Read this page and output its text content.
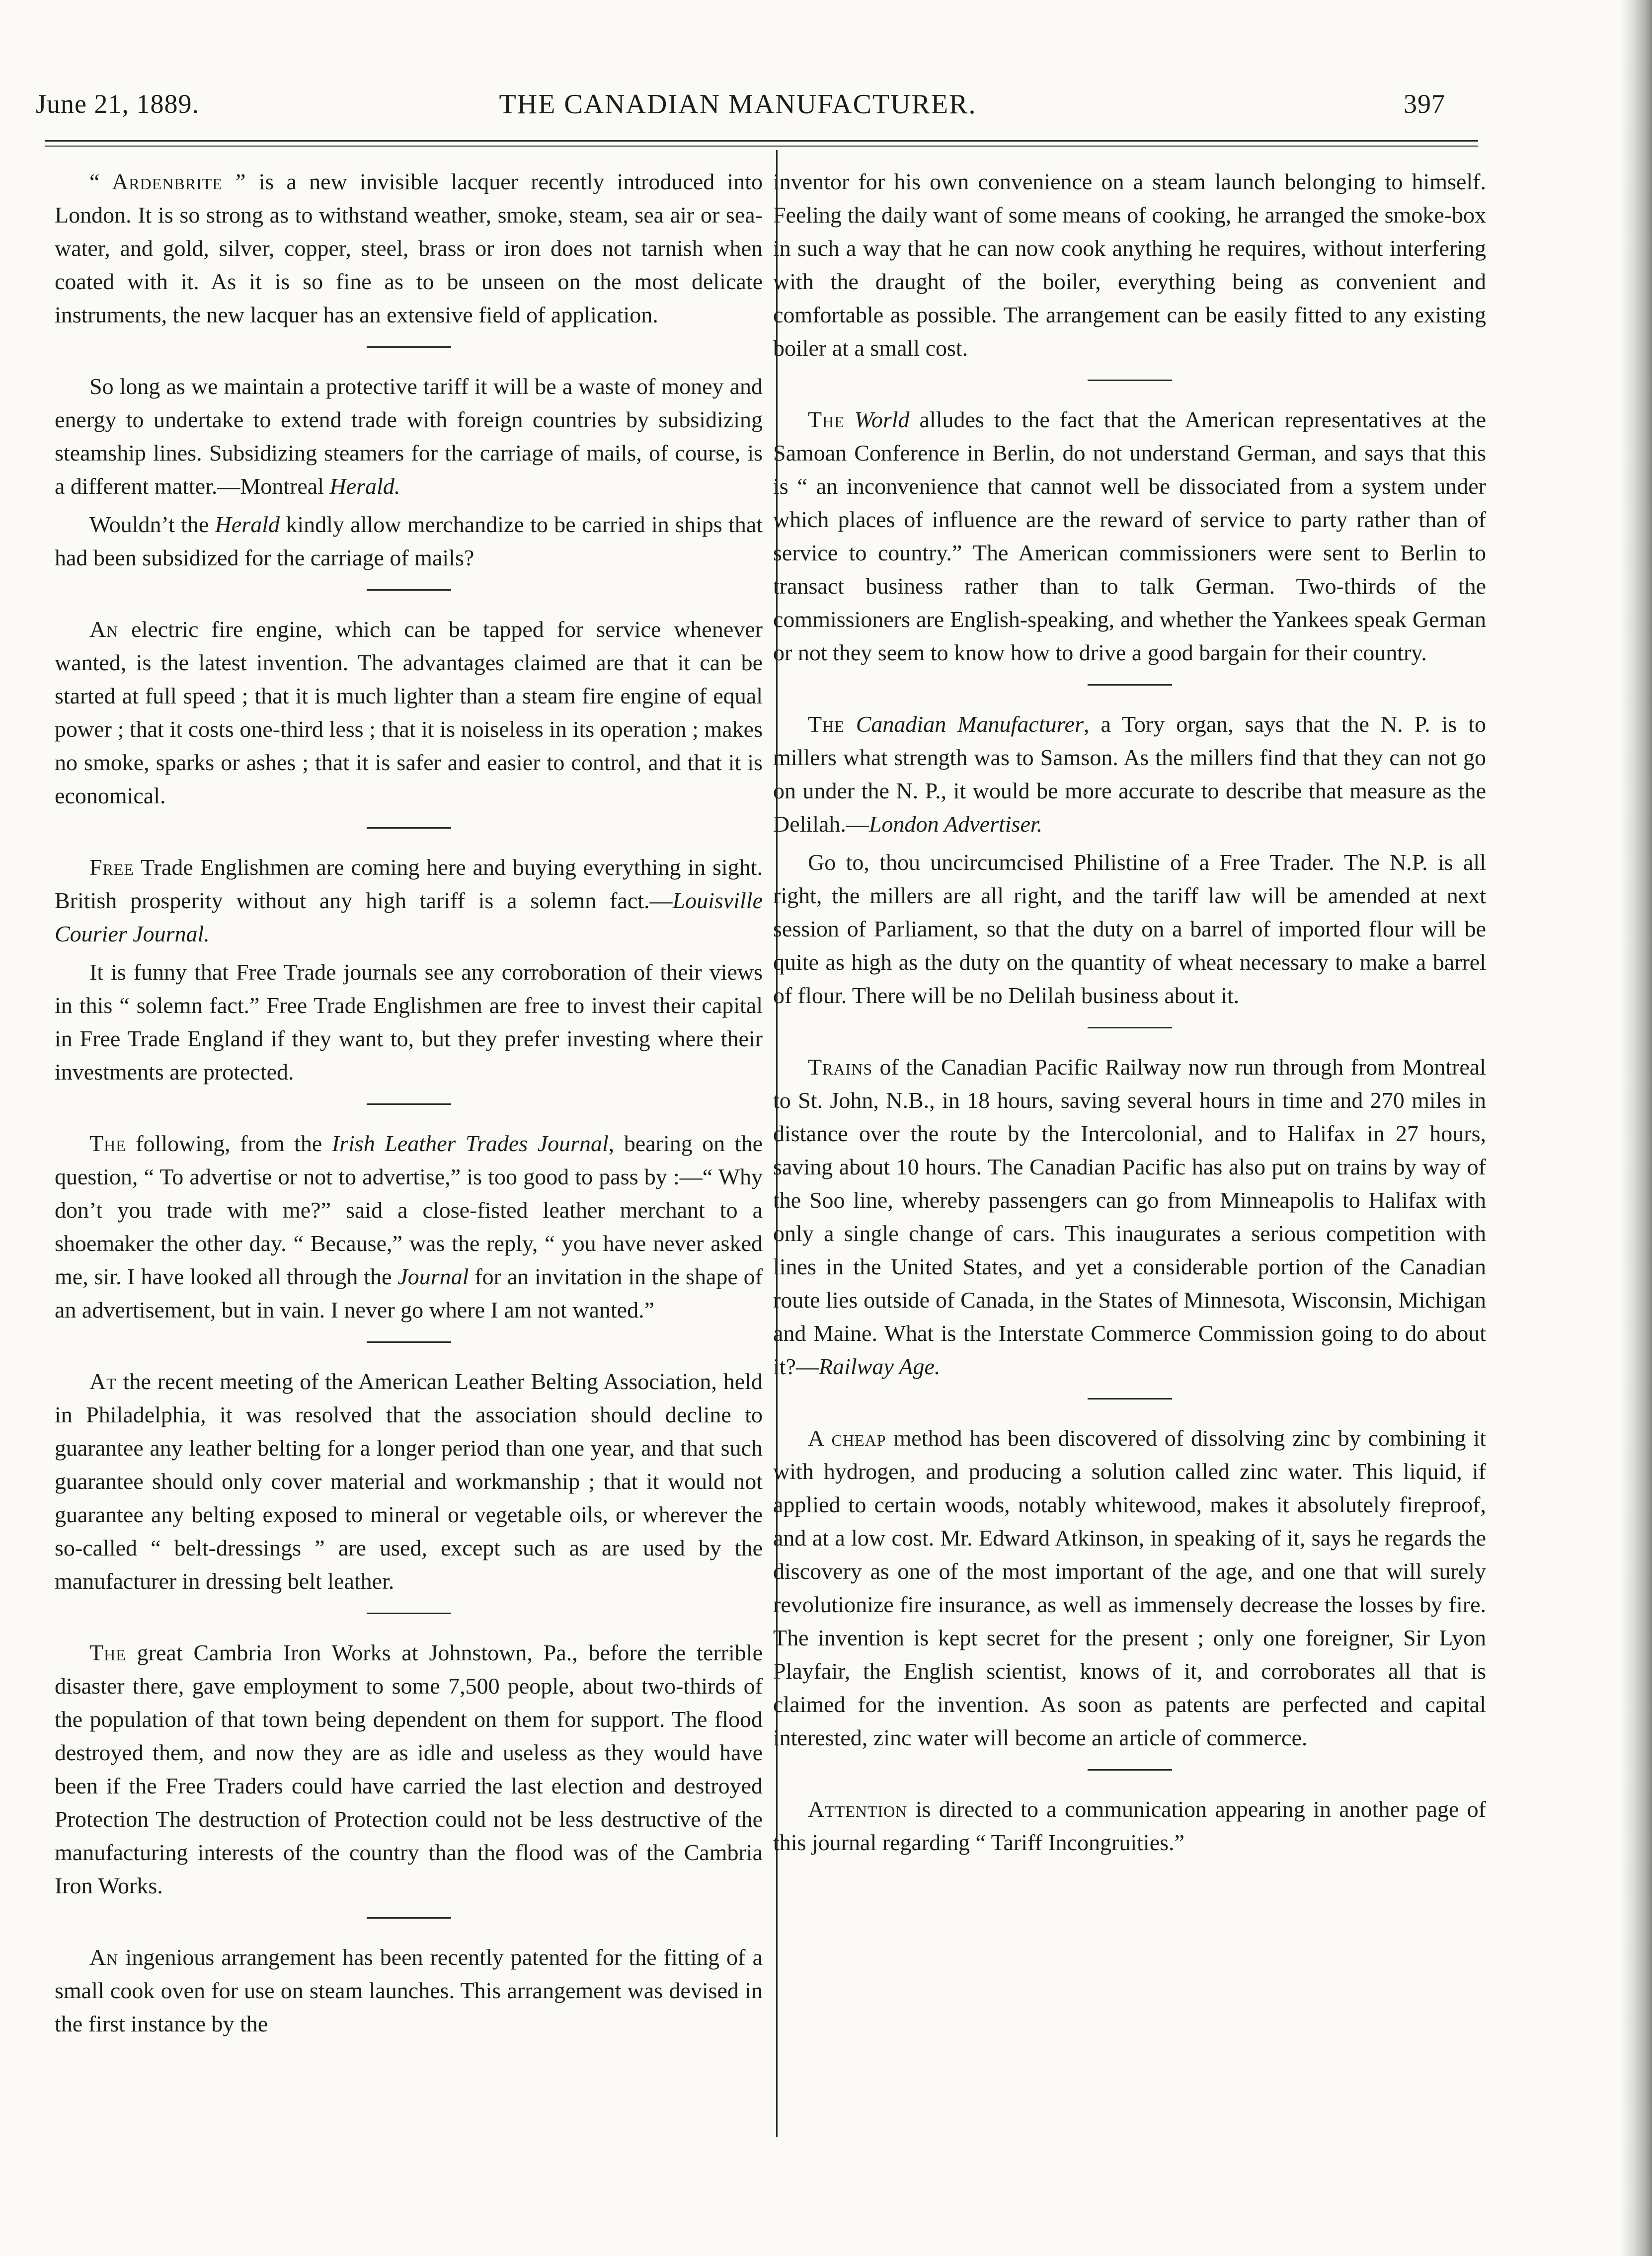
June 21, 1889.	THE CANADIAN MANUFACTURER.	397

“ Ardenbrite ” is a new invisible lacquer recently introduced into London. It is so strong as to withstand weather, smoke, steam, sea air or sea-water, and gold, silver, copper, steel, brass or iron does not tarnish when coated with it. As it is so fine as to be unseen on the most delicate instruments, the new lacquer has an extensive field of application.

So long as we maintain a protective tariff it will be a waste of money and energy to undertake to extend trade with foreign countries by subsidizing steamship lines. Subsidizing steamers for the carriage of mails, of course, is a different matter.—Montreal Herald.

Wouldn’t the Herald kindly allow merchandize to be carried in ships that had been subsidized for the carriage of mails?

An electric fire engine, which can be tapped for service whenever wanted, is the latest invention. The advantages claimed are that it can be started at full speed ; that it is much lighter than a steam fire engine of equal power ; that it costs one-third less ; that it is noiseless in its operation ; makes no smoke, sparks or ashes ; that it is safer and easier to control, and that it is economical.

Free Trade Englishmen are coming here and buying everything in sight. British prosperity without any high tariff is a solemn fact.—Louisville Courier Journal.

It is funny that Free Trade journals see any corroboration of their views in this “ solemn fact.” Free Trade Englishmen are free to invest their capital in Free Trade England if they want to, but they prefer investing where their investments are protected.

The following, from the Irish Leather Trades Journal, bearing on the question, “ To advertise or not to advertise,” is too good to pass by :—“ Why don’t you trade with me?” said a close-fisted leather merchant to a shoemaker the other day. “ Because,” was the reply, “ you have never asked me, sir. I have looked all through the Journal for an invitation in the shape of an advertisement, but in vain. I never go where I am not wanted.”

At the recent meeting of the American Leather Belting Association, held in Philadelphia, it was resolved that the association should decline to guarantee any leather belting for a longer period than one year, and that such guarantee should only cover material and workmanship ; that it would not guarantee any belting exposed to mineral or vegetable oils, or wherever the so-called “ belt-dressings ” are used, except such as are used by the manufacturer in dressing belt leather.

The great Cambria Iron Works at Johnstown, Pa., before the terrible disaster there, gave employment to some 7,500 people, about two-thirds of the population of that town being dependent on them for support. The flood destroyed them, and now they are as idle and useless as they would have been if the Free Traders could have carried the last election and destroyed Protection The destruction of Protection could not be less destructive of the manufacturing interests of the country than the flood was of the Cambria Iron Works.

An ingenious arrangement has been recently patented for the fitting of a small cook oven for use on steam launches. This arrangement was devised in the first instance by the

inventor for his own convenience on a steam launch belonging to himself. Feeling the daily want of some means of cooking, he arranged the smoke-box in such a way that he can now cook anything he requires, without interfering with the draught of the boiler, everything being as convenient and comfortable as possible. The arrangement can be easily fitted to any existing boiler at a small cost.

The World alludes to the fact that the American representatives at the Samoan Conference in Berlin, do not understand German, and says that this is “ an inconvenience that cannot well be dissociated from a system under which places of influence are the reward of service to party rather than of service to country.” The American commissioners were sent to Berlin to transact business rather than to talk German. Two-thirds of the commissioners are English-speaking, and whether the Yankees speak German or not they seem to know how to drive a good bargain for their country.

The Canadian Manufacturer, a Tory organ, says that the N. P. is to millers what strength was to Samson. As the millers find that they can not go on under the N. P., it would be more accurate to describe that measure as the Delilah.—London Advertiser.

Go to, thou uncircumcised Philistine of a Free Trader. The N.P. is all right, the millers are all right, and the tariff law will be amended at next session of Parliament, so that the duty on a barrel of imported flour will be quite as high as the duty on the quantity of wheat necessary to make a barrel of flour. There will be no Delilah business about it.

Trains of the Canadian Pacific Railway now run through from Montreal to St. John, N.B., in 18 hours, saving several hours in time and 270 miles in distance over the route by the Intercolonial, and to Halifax in 27 hours, saving about 10 hours. The Canadian Pacific has also put on trains by way of the Soo line, whereby passengers can go from Minneapolis to Halifax with only a single change of cars. This inaugurates a serious competition with lines in the United States, and yet a considerable portion of the Canadian route lies outside of Canada, in the States of Minnesota, Wisconsin, Michigan and Maine. What is the Interstate Commerce Commission going to do about it?—Railway Age.

A cheap method has been discovered of dissolving zinc by combining it with hydrogen, and producing a solution called zinc water. This liquid, if applied to certain woods, notably whitewood, makes it absolutely fireproof, and at a low cost. Mr. Edward Atkinson, in speaking of it, says he regards the discovery as one of the most important of the age, and one that will surely revolutionize fire insurance, as well as immensely decrease the losses by fire. The invention is kept secret for the present ; only one foreigner, Sir Lyon Playfair, the English scientist, knows of it, and corroborates all that is claimed for the invention. As soon as patents are perfected and capital interested, zinc water will become an article of commerce.

Attention is directed to a communication appearing in another page of this journal regarding “ Tariff Incongruities.”
